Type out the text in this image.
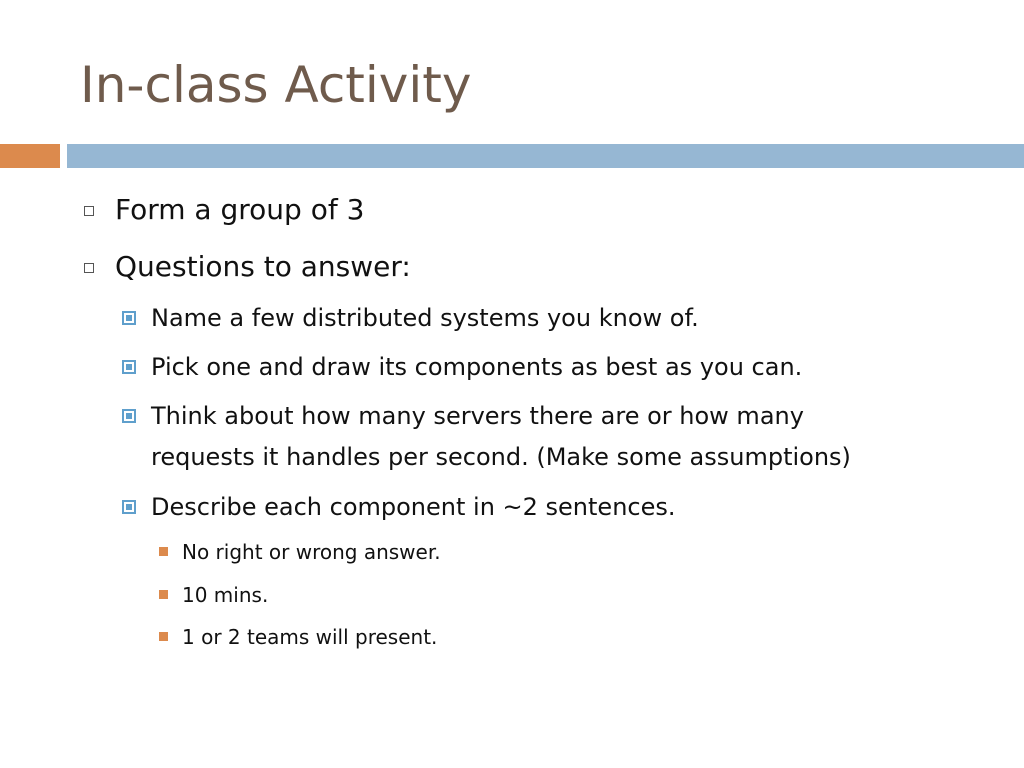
In-class Activity
Form a group of 3
Questions to answer:
Name a few distributed systems you know of.
Pick one and draw its components as best as you can.
Think about how many servers there are or how many
requests it handles per second. (Make some assumptions)
Describe each component in ~2 sentences.
No right or wrong answer.
10 mins.
1 or 2 teams will present.
